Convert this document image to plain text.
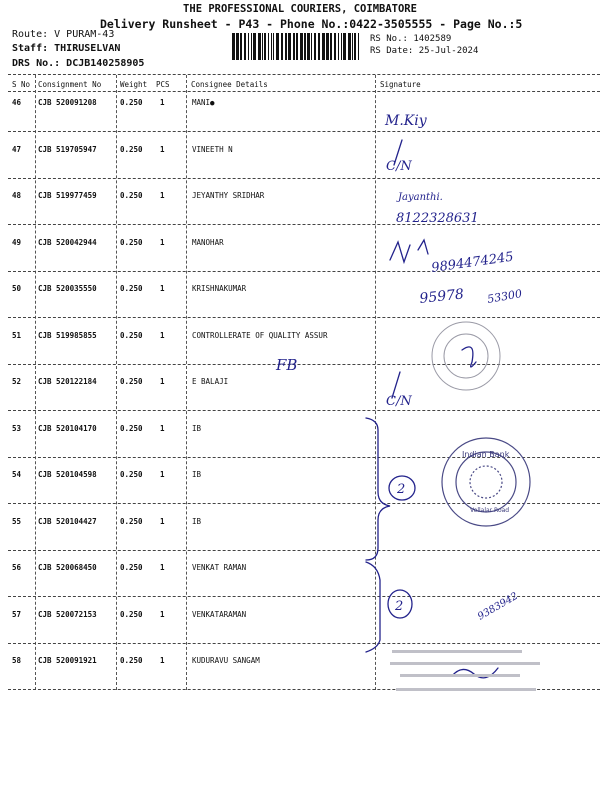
THE PROFESSIONAL COURIERS, COIMBATORE
Delivery Runsheet - P43 - Phone No.:0422-3505555 - Page No.:5
Route: V PURAM-43
Staff: THIRUSELVAN
DRS No.: DCJB140258905
RS No.: 1402589
RS Date: 25-Jul-2024
S No Consignment No	Weight PCS	Consignee Details	Signature
46 CJB 520091208	0.250 1	MANI●
47 CJB 519705947	0.250 1	VINEETH N
48 CJB 519977459	0.250 1	JEYANTHY SRIDHAR
49 CJB 520042944	0.250 1	MANOHAR
50 CJB 520035550	0.250 1	KRISHNAKUMAR
51 CJB 519985855	0.250 1	CONTROLLERATE OF QUALITY ASSUR
52 CJB 520122184	0.250 1	E BALAJI
53 CJB 520104170	0.250 1	IB
54 CJB 520104598	0.250 1	IB
55 CJB 520104427	0.250 1	IB
56 CJB 520068450	0.250 1	VENKAT RAMAN
57 CJB 520072153	0.250 1	VENKATARAMAN
58 CJB 520091921	0.250 1	KUDURAVU SANGAM
Indian Bank
Vellalar Road
M.Kiy
C/N
Jayanthi.
8122328631
9894474245
95978 53300
C/N
FB
2
2	9383942
